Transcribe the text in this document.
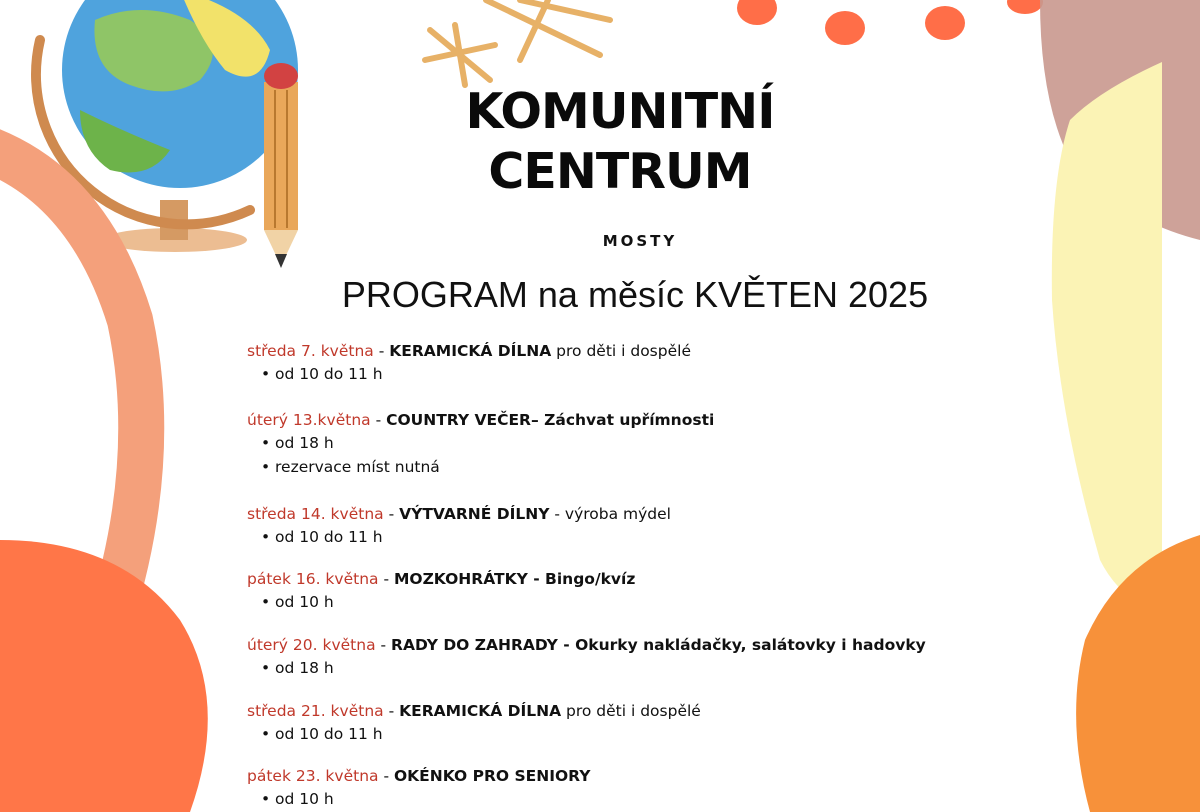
KOMUNITNÍ CENTRUM
MOSTY
PROGRAM na měsíc KVĚTEN 2025
středa 7. května - KERAMICKÁ DÍLNA pro děti i dospělé
• od 10 do 11 h
úterý 13.května - COUNTRY VEČER– Záchvat upřímnosti
• od 18 h
• rezervace míst nutná
středa 14. května - VÝTVARNÉ DÍLNY - výroba mýdel
• od 10 do 11 h
pátek 16. května - MOZKOHRÁTKY - Bingo/kvíz
• od 10 h
úterý 20. května - RADY DO ZAHRADY - Okurky nakládačky, salátovky i hadovky
• od 18 h
středa 21. května - KERAMICKÁ DÍLNA pro děti i dospělé
• od 10 do 11 h
pátek 23. května - OKÉNKO PRO SENIORY
• od 10 h
